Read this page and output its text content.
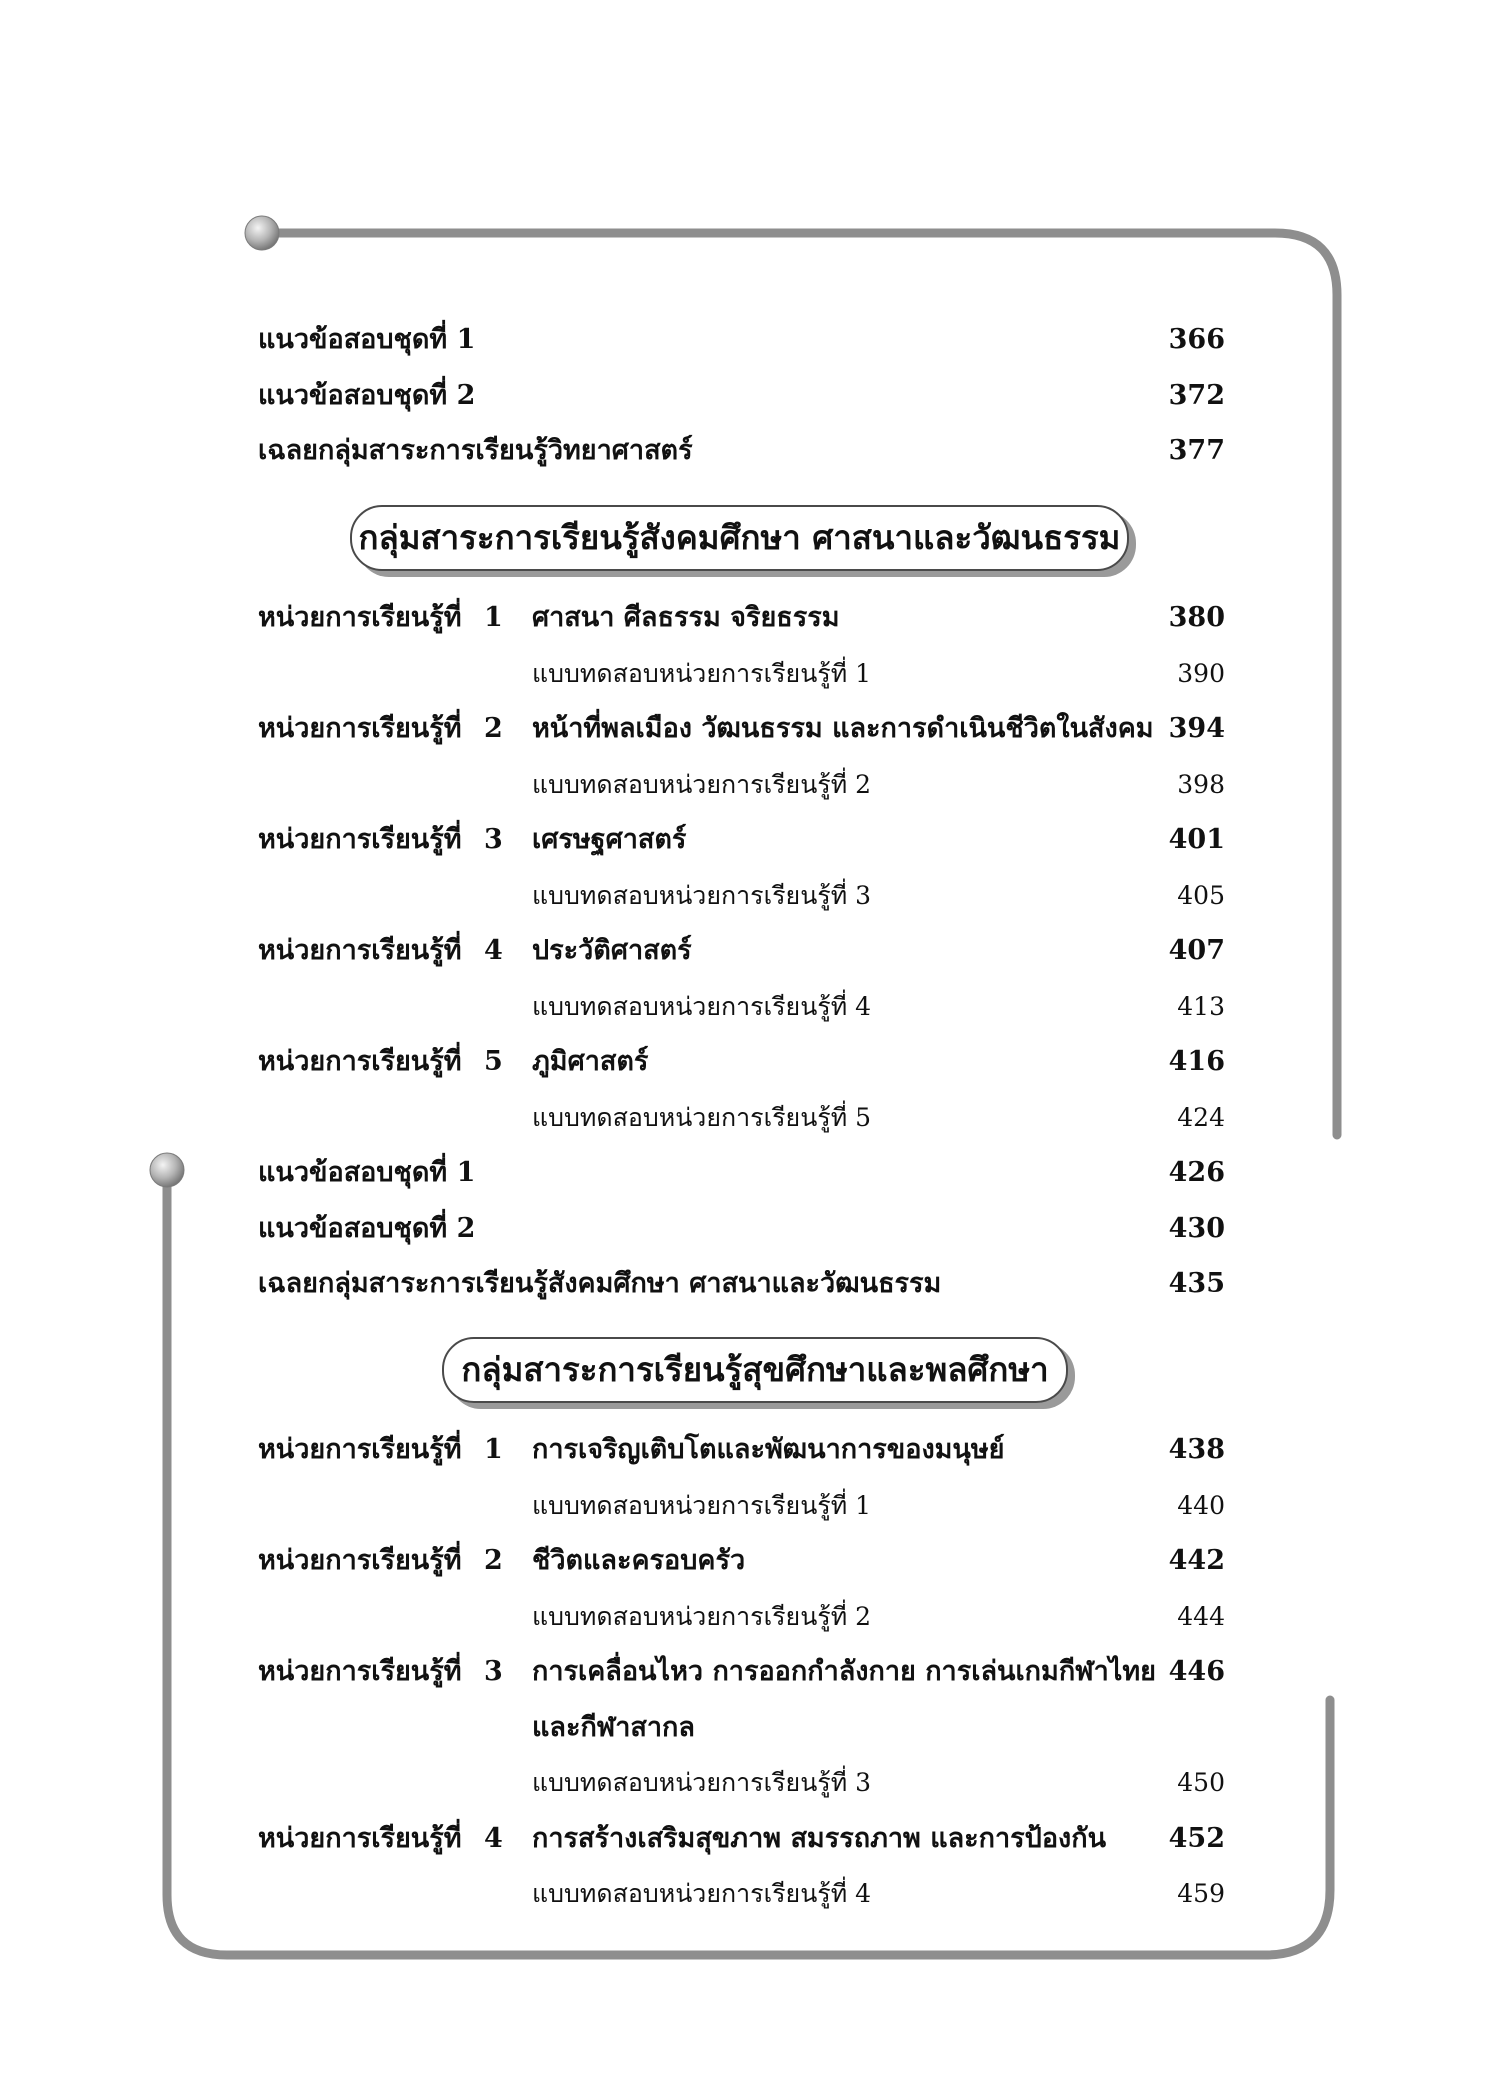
แนวข้อสอบชุดที่ 1	366
แนวข้อสอบชุดที่ 2	372
เฉลยกลุ่มสาระการเรียนรู้วิทยาศาสตร์	377
กลุ่มสาระการเรียนรู้สังคมศึกษา ศาสนาและวัฒนธรรม
หน่วยการเรียนรู้ที่ 1 ศาสนา ศีลธรรม จริยธรรม	380
แบบทดสอบหน่วยการเรียนรู้ที่ 1	390
หน่วยการเรียนรู้ที่ 2 หน้าที่พลเมือง วัฒนธรรม และการดำเนินชีวิตในสังคม 394
แบบทดสอบหน่วยการเรียนรู้ที่ 2	398
หน่วยการเรียนรู้ที่ 3 เศรษฐศาสตร์	401
แบบทดสอบหน่วยการเรียนรู้ที่ 3	405
หน่วยการเรียนรู้ที่ 4 ประวัติศาสตร์	407
แบบทดสอบหน่วยการเรียนรู้ที่ 4	413
หน่วยการเรียนรู้ที่ 5 ภูมิศาสตร์	416
แบบทดสอบหน่วยการเรียนรู้ที่ 5	424
แนวข้อสอบชุดที่ 1	426
แนวข้อสอบชุดที่ 2	430
เฉลยกลุ่มสาระการเรียนรู้สังคมศึกษา ศาสนาและวัฒนธรรม	435
กลุ่มสาระการเรียนรู้สุขศึกษาและพลศึกษา
หน่วยการเรียนรู้ที่ 1 การเจริญเติบโตและพัฒนาการของมนุษย์	438
แบบทดสอบหน่วยการเรียนรู้ที่ 1	440
หน่วยการเรียนรู้ที่ 2 ชีวิตและครอบครัว	442
แบบทดสอบหน่วยการเรียนรู้ที่ 2	444
หน่วยการเรียนรู้ที่ 3 การเคลื่อนไหว การออกกำลังกาย การเล่นเกมกีฬาไทย 446
และกีฬาสากล
แบบทดสอบหน่วยการเรียนรู้ที่ 3	450
หน่วยการเรียนรู้ที่ 4 การสร้างเสริมสุขภาพ สมรรถภาพ และการป้องกัน 452
แบบทดสอบหน่วยการเรียนรู้ที่ 4	459
